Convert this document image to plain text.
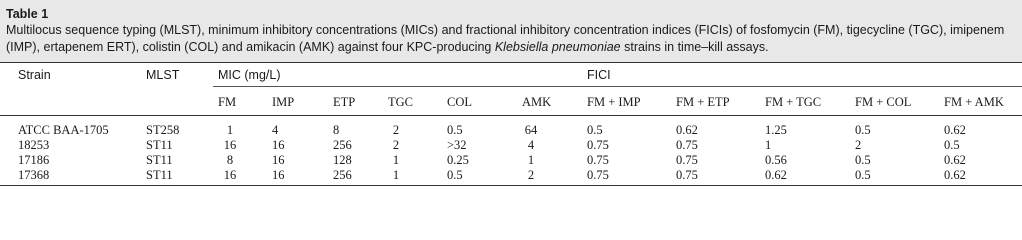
Table 1
Multilocus sequence typing (MLST), minimum inhibitory concentrations (MICs) and fractional inhibitory concentration indices (FICIs) of fosfomycin (FM), tigecycline (TGC), imipenem (IMP), ertapenem ERT), colistin (COL) and amikacin (AMK) against four KPC-producing Klebsiella pneumoniae strains in time–kill assays.
Strain	MLST	MIC (mg/L)	FICI
FM	IMP	ETP	TGC	COL	AMK	FM + IMP	FM + ETP	FM + TGC	FM + COL	FM + AMK
ATCC BAA-1705	ST258	1	4	8	2	0.5	64	0.5	0.62	1.25	0.5	0.62
18253	ST11	16	16	256	2	>32	4	0.75	0.75	1	2	0.5
17186	ST11	8	16	128	1	0.25	1	0.75	0.75	0.56	0.5	0.62
17368	ST11	16	16	256	1	0.5	2	0.75	0.75	0.62	0.5	0.62
